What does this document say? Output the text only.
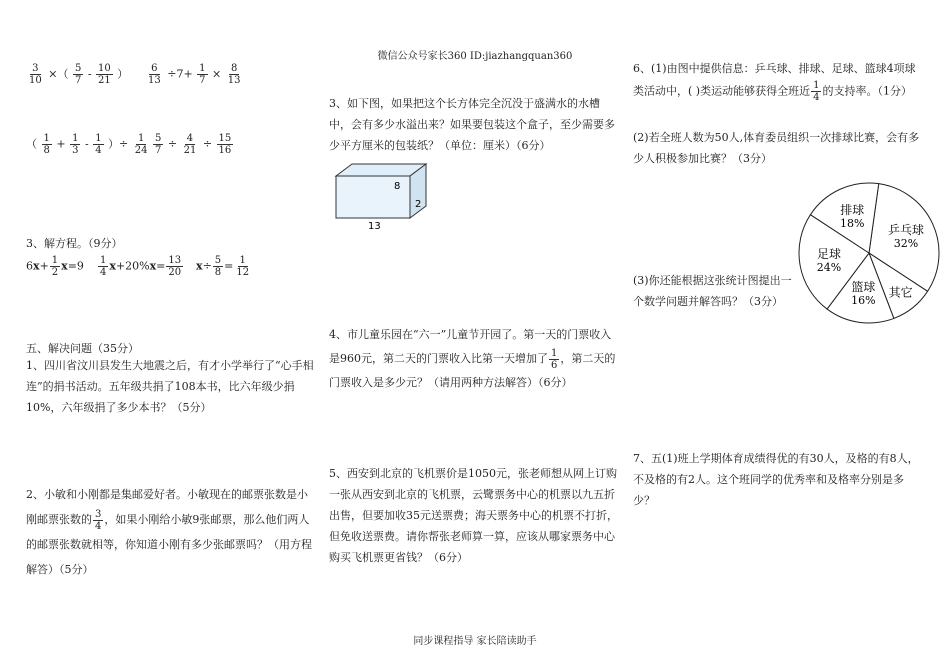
微信公众号家长360 ID:jiazhangquan360
$\frac{3}{10}$ ×（ $\frac{5}{7} - \frac{10}{21}$ ） $\frac{6}{13} \div 7+ \frac{1}{7} \times \frac{8}{13}$
（ $\frac{1}{8} + \frac{1}{3} - \frac{1}{4}$ ）÷ $\frac{1}{24} \frac{5}{7} \div \frac{4}{21} \div \frac{15}{16}$
3、解方程。（9分）
$6x+ \frac{1}{2} x=9 \frac{1}{4} x+20\%x= \frac{13}{20} x\div \frac{5}{8} = \frac{1}{12}$
五、解决问题（35分）

1、四川省汶川县发生大地震之后，有才小学举行了“心手相连”的捐书活动。五年级共捐了108本书，比六年级少捐10%，六年级捐了多少本书？（5分）

2、小敏和小刚都是集邮爱好者。小敏现在的邮票张数是小刚邮票张数的 $\frac{3}{4}$ ，如果小刚给小敏9张邮票，那么他们两人的邮票张数就相等，你知道小刚有多少张邮票吗？（用方程解答）（5分）

3、如下图，如果把这个长方体完全沉没于盛满水的水槽中，会有多少水溢出来？如果要包装这个盒子，至少需要多少平方厘米的包装纸？（单位：厘米）（6分）

13
8
2

4、市儿童乐园在“六一”儿童节开园了。第一天的门票收入是960元，第二天的门票收入比第一天增加了 $\frac{1}{6}$ ，第二天的门票收入是多少元？（请用两种方法解答）（6分）

5、西安到北京的飞机票价是1050元，张老师想从网上订购一张从西安到北京的飞机票，云鹭票务中心的机票以九五折出售，但要加收35元送票费；海天票务中心的机票不打折，但免收送票费。请你帮张老师算一算，应该从哪家票务中心购买飞机票更省钱？（6分）

6、(1)由图中提供信息：乒乓球、排球、足球、篮球4项球类活动中，( )类运动能够获得全班近 $\frac{1}{4}$ 的支持率。（1分）

(2)若全班人数为50人,体育委员组织一次排球比赛，会有多少人积极参加比赛？（3分）

(3)你还能根据这张统计图提出一个数学问题并解答吗？（3分）

乒乓球
32%
其它
篮球
16%
足球
24%
排球
18%

7、五(1)班上学期体育成绩得优的有30人，及格的有8人，不及格的有2人。这个班同学的优秀率和及格率分别是多少？

同步课程指导 家长陪读助手
